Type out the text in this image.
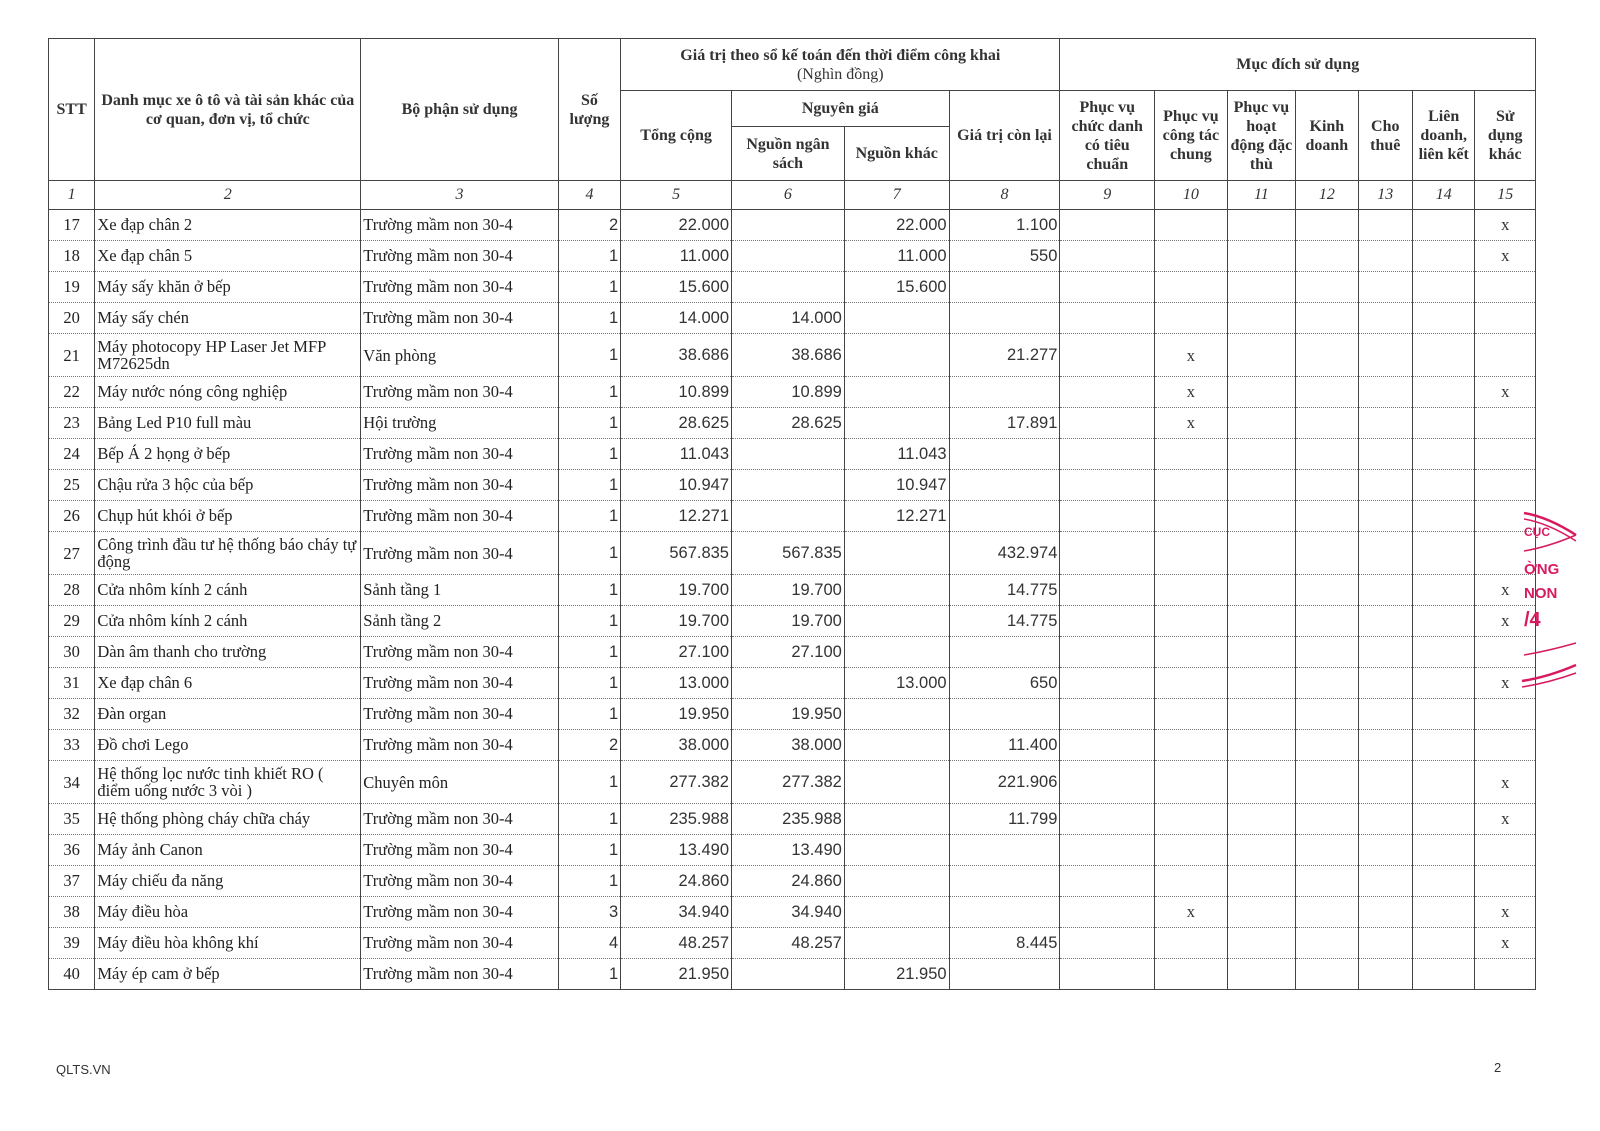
STT	Danh mục xe ô tô và tài sản khác của cơ quan, đơn vị, tổ chức	Bộ phận sử dụng	Số lượng	Giá trị theo sổ kế toán đến thời điểm công khai
(Nghìn đồng)				Mục đích sử dụng						
				Tổng cộng	Nguyên giá		Giá trị còn lại	Phục vụ chức danh có tiêu chuẩn	Phục vụ công tác chung	Phục vụ hoạt động đặc thù	Kinh doanh	Cho thuê	Liên doanh, liên kết	Sử dụng khác
					Nguồn ngân sách	Nguồn khác								
1	2	3	4	5	6	7	8	9	10	11	12	13	14	15
17	Xe đạp chân 2	Trường mầm non 30-4	2	22.000		22.000	1.100							x
18	Xe đạp chân 5	Trường mầm non 30-4	1	11.000		11.000	550							x
19	Máy sấy khăn ở bếp	Trường mầm non 30-4	1	15.600		15.600								
20	Máy sấy chén	Trường mầm non 30-4	1	14.000	14.000									
21	Máy photocopy HP Laser Jet MFP M72625dn	Văn phòng	1	38.686	38.686		21.277		x					
22	Máy nước nóng công nghiệp	Trường mầm non 30-4	1	10.899	10.899				x					x
23	Bảng Led P10 full màu	Hội trường	1	28.625	28.625		17.891		x					
24	Bếp Á 2 họng ở bếp	Trường mầm non 30-4	1	11.043		11.043								
25	Chậu rửa 3 hộc của bếp	Trường mầm non 30-4	1	10.947		10.947								
26	Chụp hút khói ở bếp	Trường mầm non 30-4	1	12.271		12.271								
27	Công trình đầu tư hệ thống báo cháy tự động	Trường mầm non 30-4	1	567.835	567.835		432.974							
28	Cửa nhôm kính 2 cánh	Sảnh tầng 1	1	19.700	19.700		14.775							x
29	Cửa nhôm kính 2 cánh	Sảnh tầng 2	1	19.700	19.700		14.775							x
30	Dàn âm thanh cho trường	Trường mầm non 30-4	1	27.100	27.100									
31	Xe đạp chân 6	Trường mầm non 30-4	1	13.000		13.000	650							x
32	Đàn organ	Trường mầm non 30-4	1	19.950	19.950									
33	Đồ chơi Lego	Trường mầm non 30-4	2	38.000	38.000		11.400							
34	Hệ thống lọc nước tinh khiết RO ( điểm uống nước 3 vòi )	Chuyên môn	1	277.382	277.382		221.906							x
35	Hệ thống phòng cháy chữa cháy	Trường mầm non 30-4	1	235.988	235.988		11.799							x
36	Máy ảnh Canon	Trường mầm non 30-4	1	13.490	13.490									
37	Máy chiếu đa năng	Trường mầm non 30-4	1	24.860	24.860									
38	Máy điều hòa	Trường mầm non 30-4	3	34.940	34.940				x					x
39	Máy điều hòa không khí	Trường mầm non 30-4	4	48.257	48.257		8.445							x
40	Máy ép cam ở bếp	Trường mầm non 30-4	1	21.950		21.950								
CỤC
ỜNG
NON
/4
QLTS.VN	2
